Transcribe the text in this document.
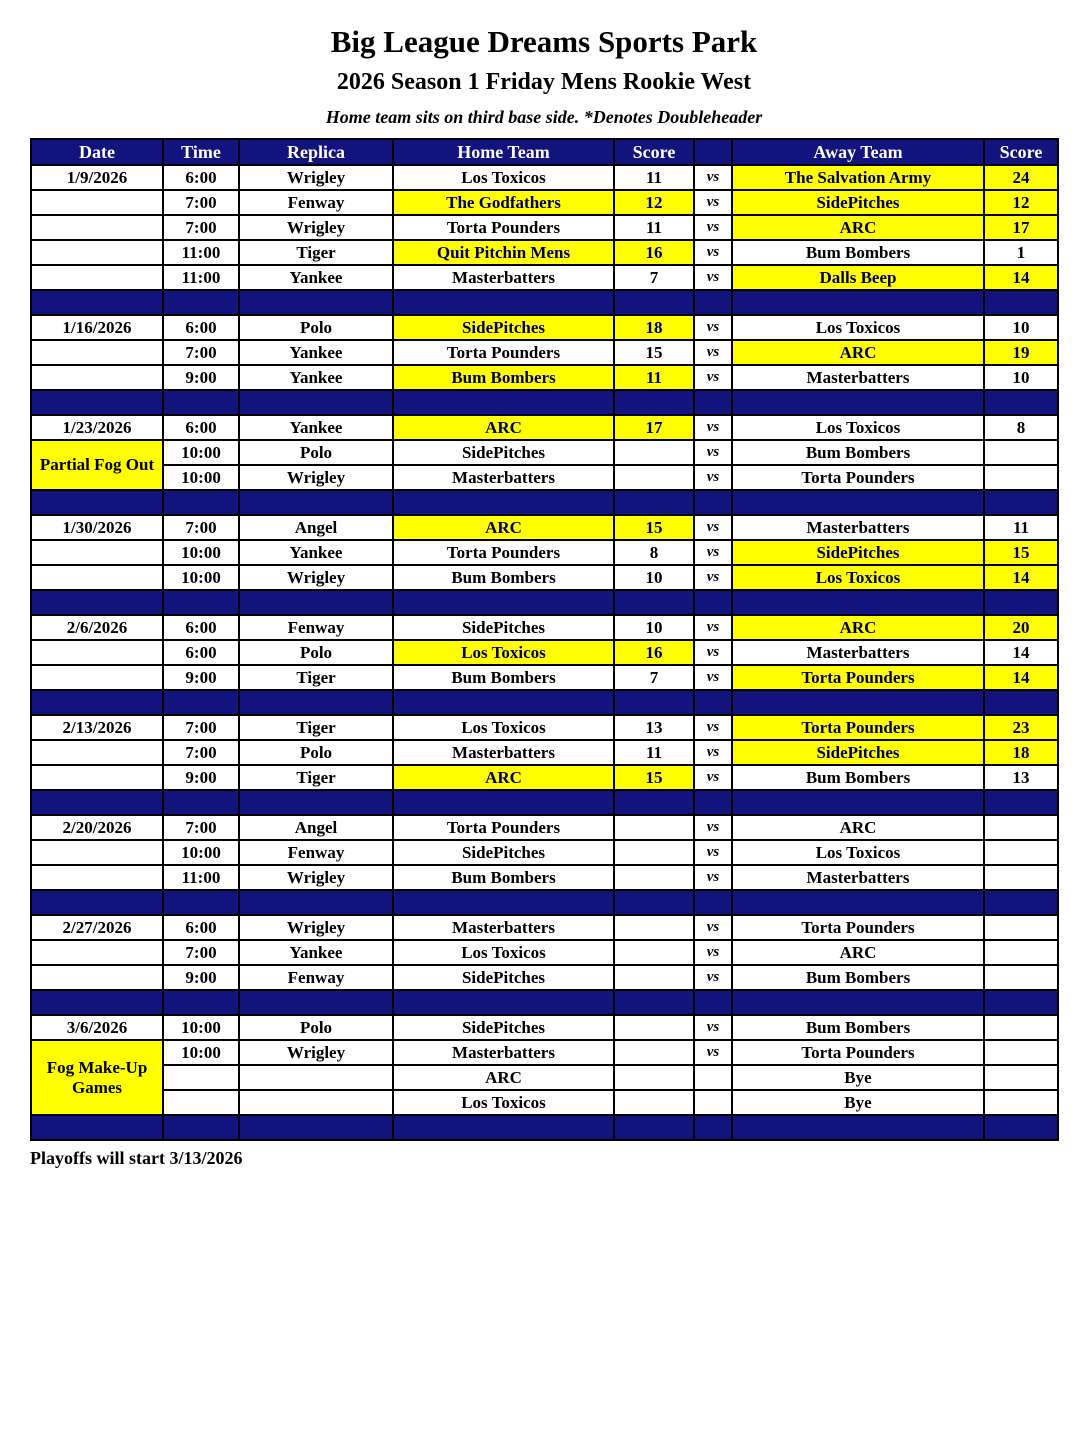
Big League Dreams Sports Park
2026 Season 1 Friday Mens Rookie West
Home team sits on third base side. *Denotes Doubleheader
Date	Time	Replica	Home Team	Score		Away Team	Score
1/9/2026	6:00	Wrigley	Los Toxicos	11	vs	The Salvation Army	24
	7:00	Fenway	The Godfathers	12	vs	SidePitches	12
	7:00	Wrigley	Torta Pounders	11	vs	ARC	17
	11:00	Tiger	Quit Pitchin Mens	16	vs	Bum Bombers	1
	11:00	Yankee	Masterbatters	7	vs	Dalls Beep	14

1/16/2026	6:00	Polo	SidePitches	18	vs	Los Toxicos	10
	7:00	Yankee	Torta Pounders	15	vs	ARC	19
	9:00	Yankee	Bum Bombers	11	vs	Masterbatters	10

1/23/2026	6:00	Yankee	ARC	17	vs	Los Toxicos	8
Partial Fog Out	10:00	Polo	SidePitches		vs	Bum Bombers	
	10:00	Wrigley	Masterbatters		vs	Torta Pounders	

1/30/2026	7:00	Angel	ARC	15	vs	Masterbatters	11
	10:00	Yankee	Torta Pounders	8	vs	SidePitches	15
	10:00	Wrigley	Bum Bombers	10	vs	Los Toxicos	14

2/6/2026	6:00	Fenway	SidePitches	10	vs	ARC	20
	6:00	Polo	Los Toxicos	16	vs	Masterbatters	14
	9:00	Tiger	Bum Bombers	7	vs	Torta Pounders	14

2/13/2026	7:00	Tiger	Los Toxicos	13	vs	Torta Pounders	23
	7:00	Polo	Masterbatters	11	vs	SidePitches	18
	9:00	Tiger	ARC	15	vs	Bum Bombers	13

2/20/2026	7:00	Angel	Torta Pounders		vs	ARC	
	10:00	Fenway	SidePitches		vs	Los Toxicos	
	11:00	Wrigley	Bum Bombers		vs	Masterbatters	

2/27/2026	6:00	Wrigley	Masterbatters		vs	Torta Pounders	
	7:00	Yankee	Los Toxicos		vs	ARC	
	9:00	Fenway	SidePitches		vs	Bum Bombers	

3/6/2026	10:00	Polo	SidePitches		vs	Bum Bombers	
Fog Make-Up Games	10:00	Wrigley	Masterbatters		vs	Torta Pounders	
			ARC			Bye	
			Los Toxicos			Bye	

Playoffs will start 3/13/2026
